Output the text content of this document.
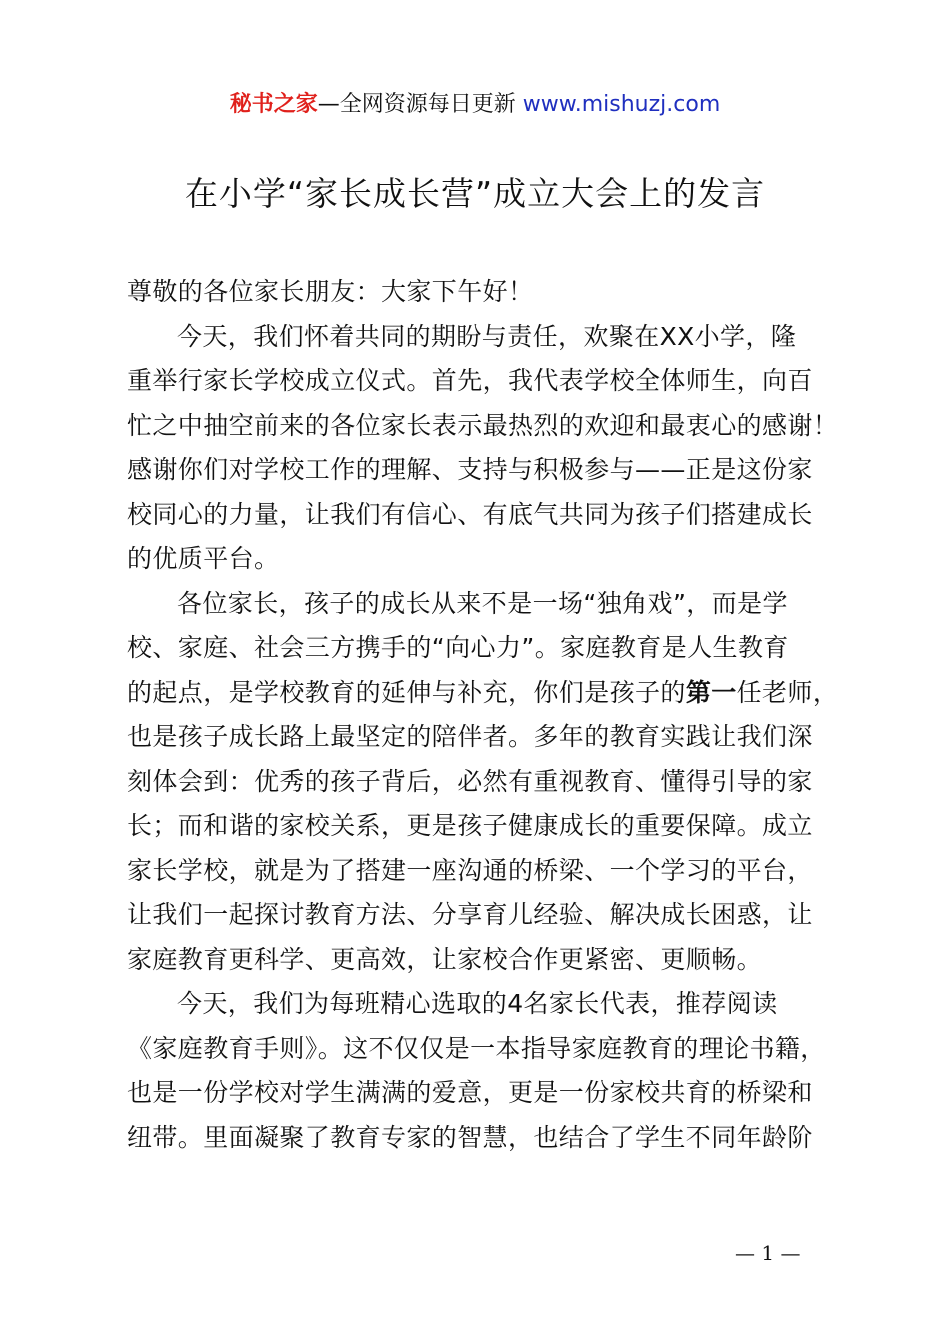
秘书之家—全网资源每日更新 www.mishuzj.com
在小学“家长成长营”成立大会上的发言
尊敬的各位家长朋友：大家下午好！
今天，我们怀着共同的期盼与责任，欢聚在XX小学，隆
重举行家长学校成立仪式。首先，我代表学校全体师生，向百
忙之中抽空前来的各位家长表示最热烈的欢迎和最衷心的感谢！
感谢你们对学校工作的理解、支持与积极参与——正是这份家
校同心的力量，让我们有信心、有底气共同为孩子们搭建成长
的优质平台。
各位家长，孩子的成长从来不是一场“独角戏”，而是学
校、家庭、社会三方携手的“向心力”。家庭教育是人生教育
的起点，是学校教育的延伸与补充，你们是孩子的第一任老师，
也是孩子成长路上最坚定的陪伴者。多年的教育实践让我们深
刻体会到：优秀的孩子背后，必然有重视教育、懂得引导的家
长；而和谐的家校关系，更是孩子健康成长的重要保障。成立
家长学校，就是为了搭建一座沟通的桥梁、一个学习的平台，
让我们一起探讨教育方法、分享育儿经验、解决成长困惑，让
家庭教育更科学、更高效，让家校合作更紧密、更顺畅。
今天，我们为每班精心选取的4名家长代表，推荐阅读
《家庭教育手则》。这不仅仅是一本指导家庭教育的理论书籍，
也是一份学校对学生满满的爱意，更是一份家校共育的桥梁和
纽带。里面凝聚了教育专家的智慧，也结合了学生不同年龄阶
— 1 —
